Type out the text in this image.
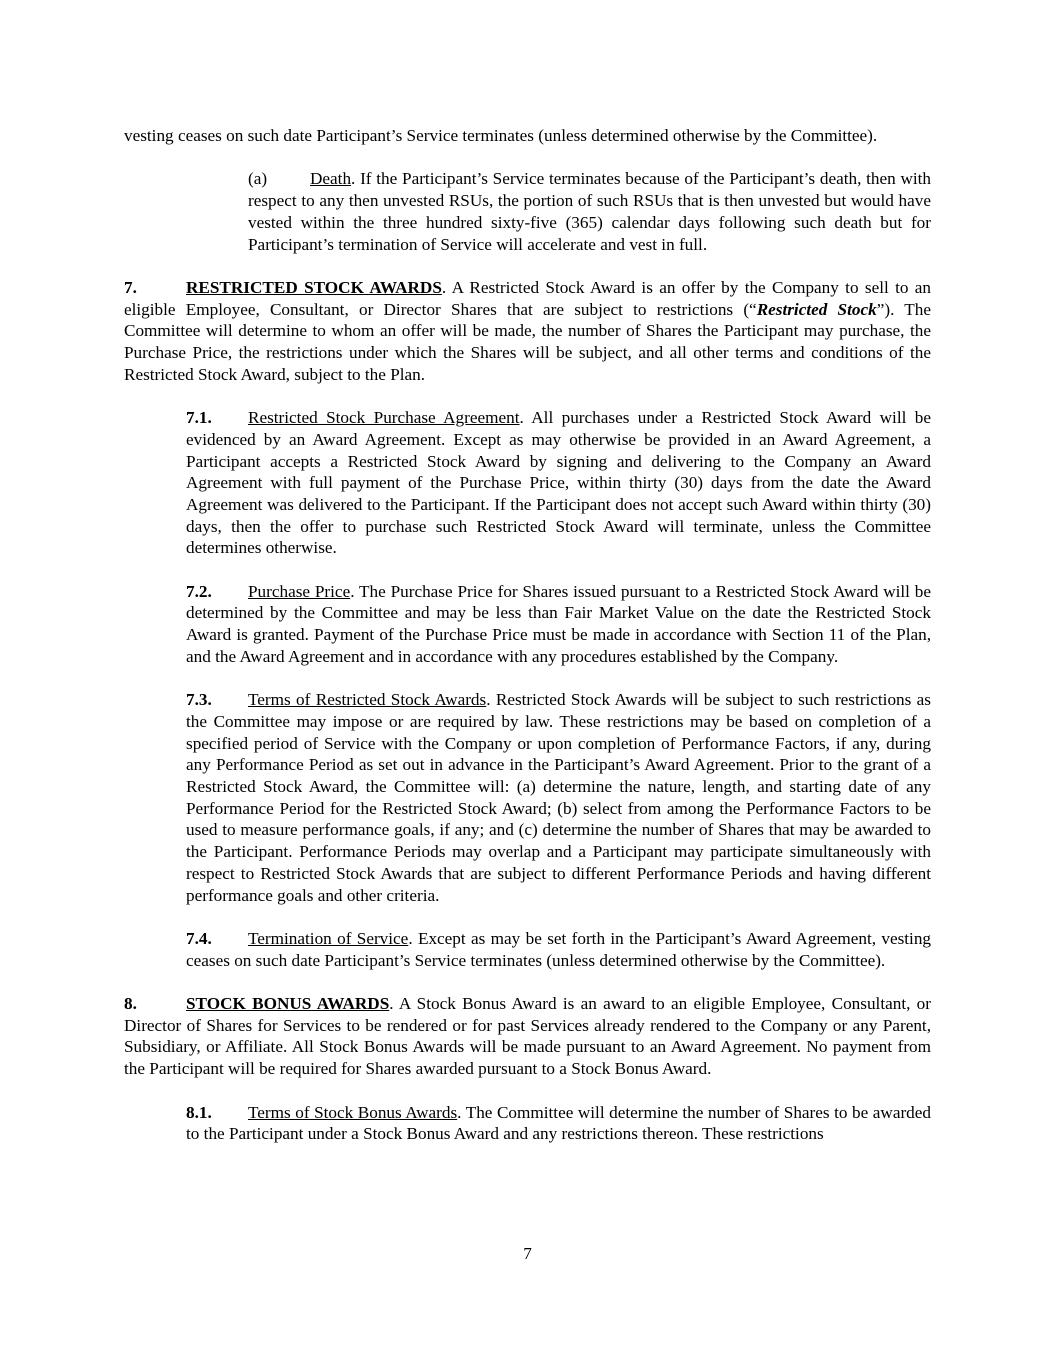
vesting ceases on such date Participant’s Service terminates (unless determined otherwise by the Committee).

(a) Death. If the Participant’s Service terminates because of the Participant’s death, then with respect to any then unvested RSUs, the portion of such RSUs that is then unvested but would have vested within the three hundred sixty-five (365) calendar days following such death but for Participant’s termination of Service will accelerate and vest in full.

7.	RESTRICTED STOCK AWARDS. A Restricted Stock Award is an offer by the Company to sell to an eligible Employee, Consultant, or Director Shares that are subject to restrictions (“Restricted Stock”). The Committee will determine to whom an offer will be made, the number of Shares the Participant may purchase, the Purchase Price, the restrictions under which the Shares will be subject, and all other terms and conditions of the Restricted Stock Award, subject to the Plan.

7.1. Restricted Stock Purchase Agreement. All purchases under a Restricted Stock Award will be evidenced by an Award Agreement. Except as may otherwise be provided in an Award Agreement, a Participant accepts a Restricted Stock Award by signing and delivering to the Company an Award Agreement with full payment of the Purchase Price, within thirty (30) days from the date the Award Agreement was delivered to the Participant. If the Participant does not accept such Award within thirty (30) days, then the offer to purchase such Restricted Stock Award will terminate, unless the Committee determines otherwise.

7.2. Purchase Price. The Purchase Price for Shares issued pursuant to a Restricted Stock Award will be determined by the Committee and may be less than Fair Market Value on the date the Restricted Stock Award is granted. Payment of the Purchase Price must be made in accordance with Section 11 of the Plan, and the Award Agreement and in accordance with any procedures established by the Company.

7.3. Terms of Restricted Stock Awards. Restricted Stock Awards will be subject to such restrictions as the Committee may impose or are required by law. These restrictions may be based on completion of a specified period of Service with the Company or upon completion of Performance Factors, if any, during any Performance Period as set out in advance in the Participant’s Award Agreement. Prior to the grant of a Restricted Stock Award, the Committee will: (a) determine the nature, length, and starting date of any Performance Period for the Restricted Stock Award; (b) select from among the Performance Factors to be used to measure performance goals, if any; and (c) determine the number of Shares that may be awarded to the Participant. Performance Periods may overlap and a Participant may participate simultaneously with respect to Restricted Stock Awards that are subject to different Performance Periods and having different performance goals and other criteria.

7.4. Termination of Service. Except as may be set forth in the Participant’s Award Agreement, vesting ceases on such date Participant’s Service terminates (unless determined otherwise by the Committee).

8.	STOCK BONUS AWARDS. A Stock Bonus Award is an award to an eligible Employee, Consultant, or Director of Shares for Services to be rendered or for past Services already rendered to the Company or any Parent, Subsidiary, or Affiliate. All Stock Bonus Awards will be made pursuant to an Award Agreement. No payment from the Participant will be required for Shares awarded pursuant to a Stock Bonus Award.

8.1. Terms of Stock Bonus Awards. The Committee will determine the number of Shares to be awarded to the Participant under a Stock Bonus Award and any restrictions thereon. These restrictions

7
